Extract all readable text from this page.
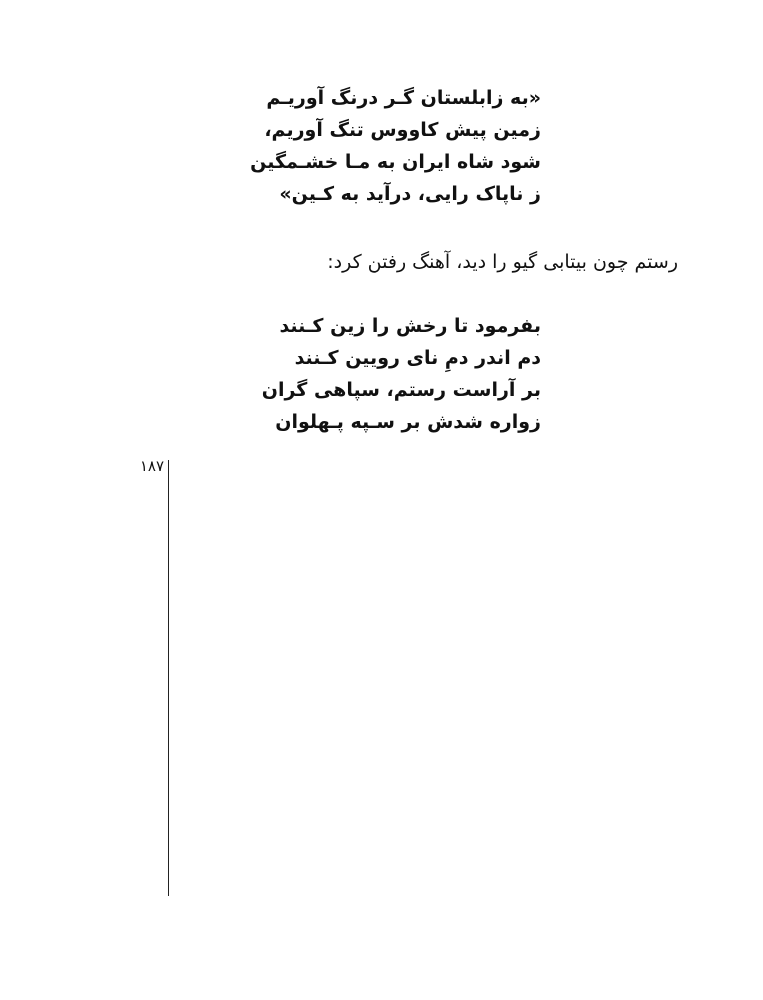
«به زابلستان گـر درنگ آوریـم
زمین پیش کاووس تنگ آوریم،
شود شاه ایران به مـا خشـمگین
ز ناپاک رایی، درآید به کـین»
رستم چون بیتابی گیو را دید، آهنگ رفتن کرد:
بفرمود تا رخش را زین کـنند
دم اندر دمِ نای رویین کـنند
بر آراست رستم، سپاهی گران
زواره شدش بر سـپه پـهلوان
۱۸۷
